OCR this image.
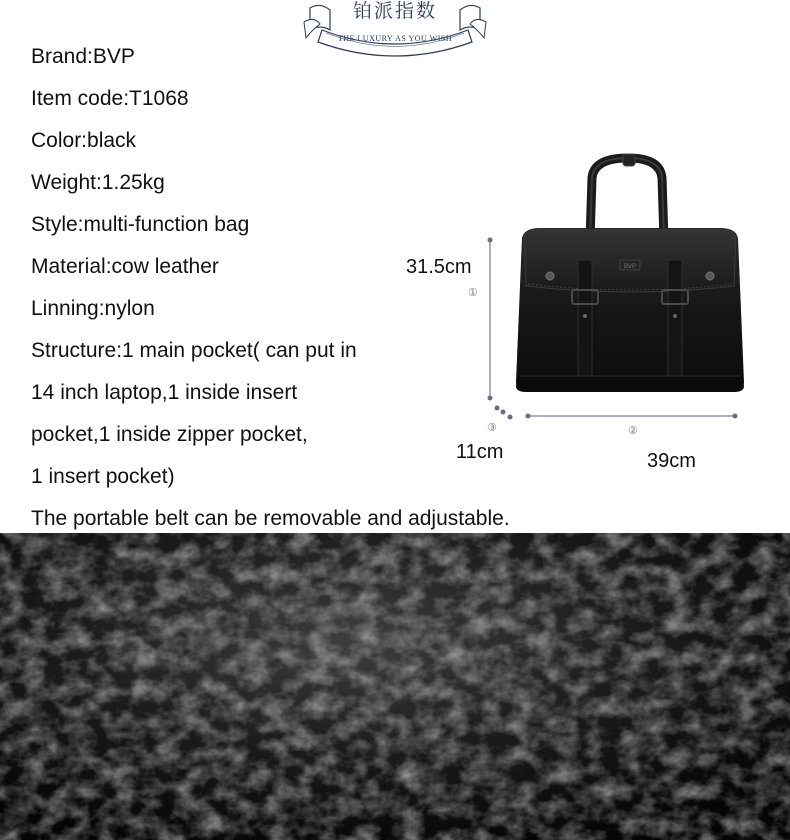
铂派指数
THE LUXURY AS YOU WISH
Brand:BVP
Item code:T1068
Color:black
Weight:1.25kg
Style:multi-function bag
Material:cow leather
Linning:nylon
Structure:1 main pocket( can put in
14 inch laptop,1 inside insert
pocket,1 inside zipper pocket,
1 insert pocket)
The portable belt can be removable and adjustable.
31.5cm
①
③	②
11cm	39cm
BVP
